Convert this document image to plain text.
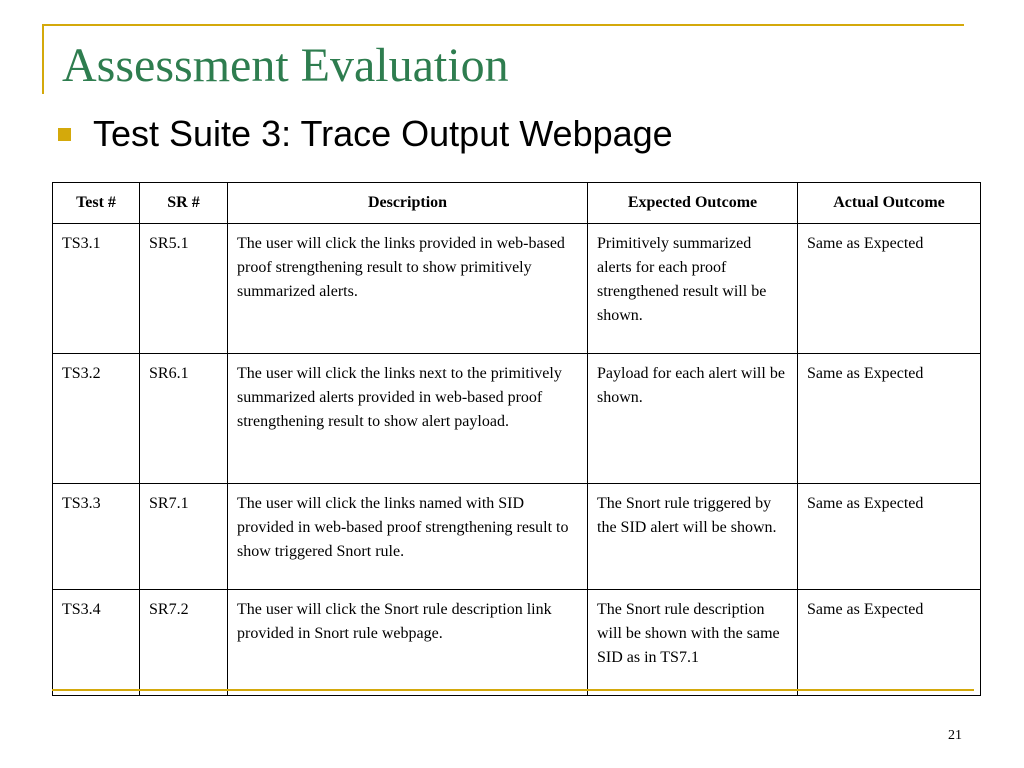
Assessment Evaluation
Test Suite 3: Trace Output Webpage
Test #	SR #	Description	Expected Outcome	Actual Outcome
TS3.1	SR5.1	The user will click the links provided in web-based proof strengthening result to show primitively summarized alerts.	Primitively summarized alerts for each proof strengthened result will be shown.	Same as Expected
TS3.2	SR6.1	The user will click the links next to the primitively summarized alerts provided in web-based proof strengthening result to show alert payload.	Payload for each alert will be shown.	Same as Expected
TS3.3	SR7.1	The user will click the links named with SID provided in web-based proof strengthening result to show triggered Snort rule.	The Snort rule triggered by the SID alert will be shown.	Same as Expected
TS3.4	SR7.2	The user will click the Snort rule description link provided in Snort rule webpage.	The Snort rule description will be shown with the same SID as in TS7.1	Same as Expected
21
